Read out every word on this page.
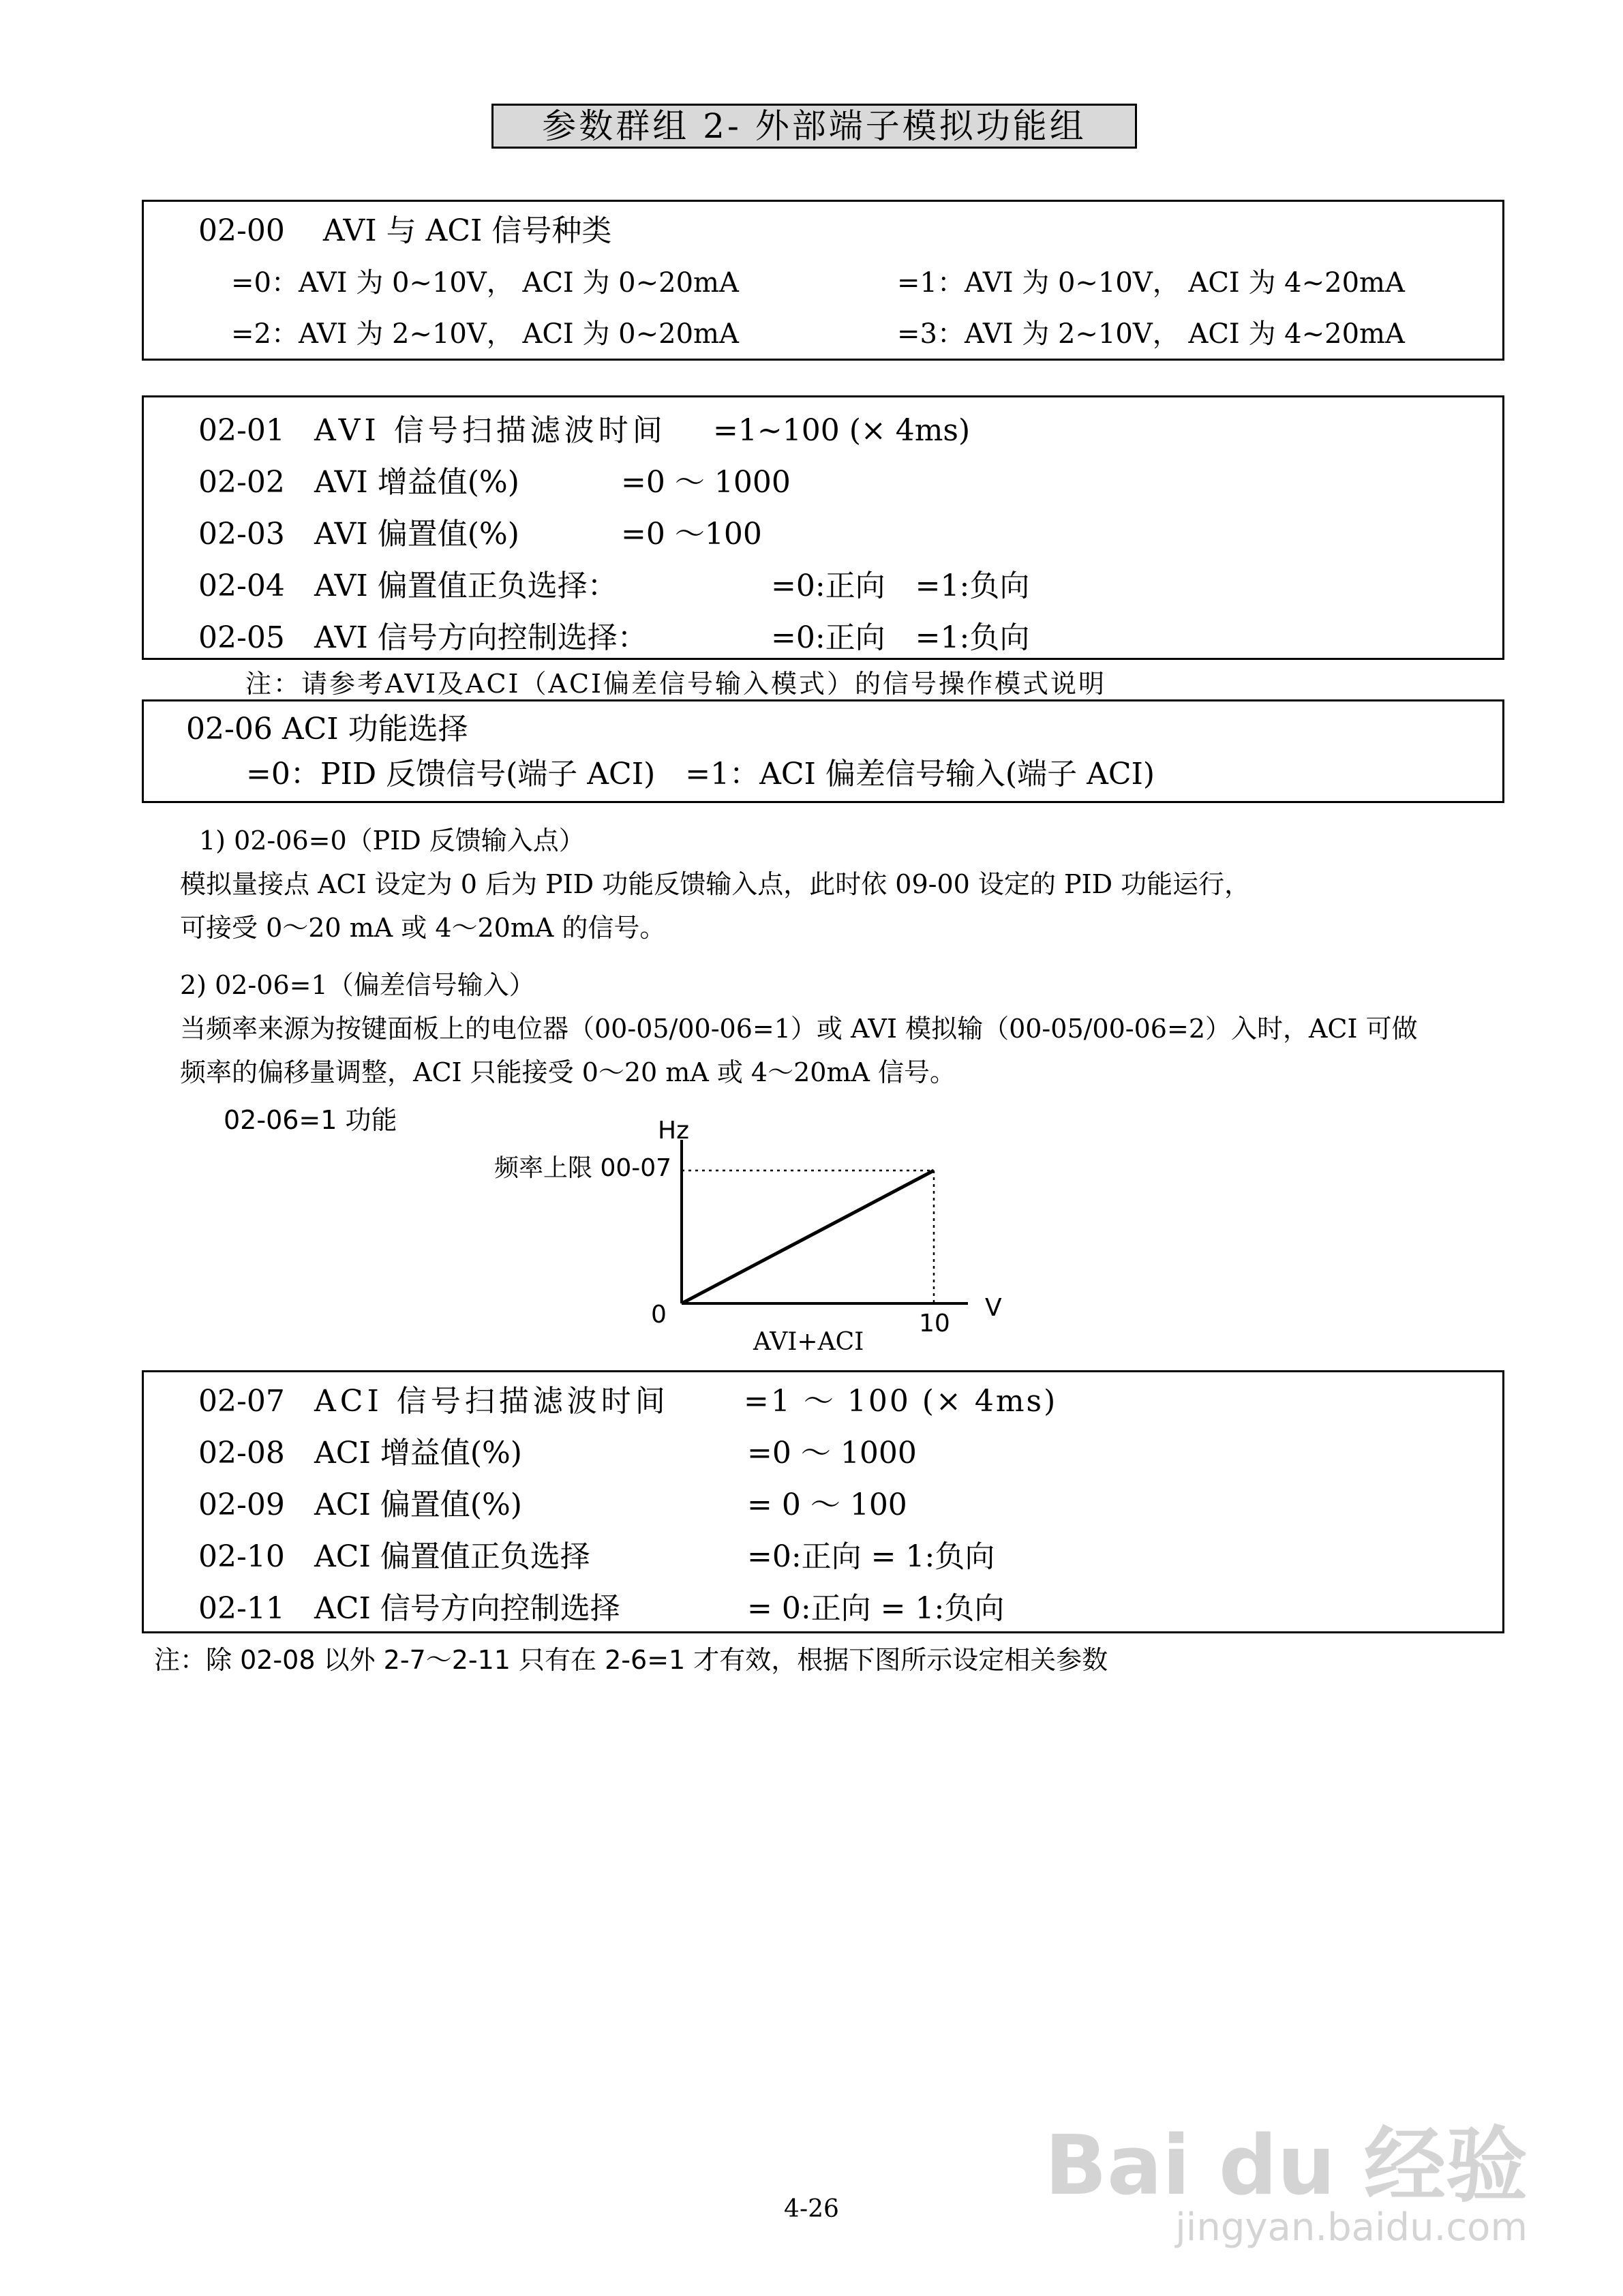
参数群组 2- 外部端子模拟功能组
02-00 AVI 与 ACI 信号种类
=0：AVI 为 0~10V， ACI 为 0~20mA	=1：AVI 为 0~10V， ACI 为 4~20mA
=2：AVI 为 2~10V， ACI 为 0~20mA	=3：AVI 为 2~10V， ACI 为 4~20mA
02-01 AVI 信号扫描滤波时间 =1~100 (× 4ms)
02-02 AVI 增益值(%)	=0 ～ 1000
02-03 AVI 偏置值(%)	=0 ～100
02-04 AVI 偏置值正负选择：	=0:正向　=1:负向
02-05 AVI 信号方向控制选择：	=0:正向　=1:负向
注：请参考AVI及ACI（ACI偏差信号输入模式）的信号操作模式说明
02-06 ACI 功能选择
=0：PID 反馈信号(端子 ACI)　=1：ACI 偏差信号输入(端子 ACI)
1) 02-06=0（PID 反馈输入点）
模拟量接点 ACI 设定为 0 后为 PID 功能反馈输入点，此时依 09-00 设定的 PID 功能运行，
可接受 0～20 mA 或 4～20mA 的信号。
2) 02-06=1（偏差信号输入）
当频率来源为按键面板上的电位器（00-05/00-06=1）或 AVI 模拟输（00-05/00-06=2）入时，ACI 可做
频率的偏移量调整，ACI 只能接受 0～20 mA 或 4～20mA 信号。
02-06=1 功能	Hz
频率上限 00-07
0	10
V
AVI+ACI
02-07 ACI 信号扫描滤波时间 =1 ～ 100 (× 4ms)
02-08 ACI 增益值(%)	=0 ～ 1000
02-09 ACI 偏置值(%)	= 0 ～ 100
02-10 ACI 偏置值正负选择	=0:正向 = 1:负向
02-11 ACI 信号方向控制选择	= 0:正向 = 1:负向
注：除 02-08 以外 2-7～2-11 只有在 2-6=1 才有效，根据下图所示设定相关参数
4-26	Bai du 经验
jingyan.baidu.com
